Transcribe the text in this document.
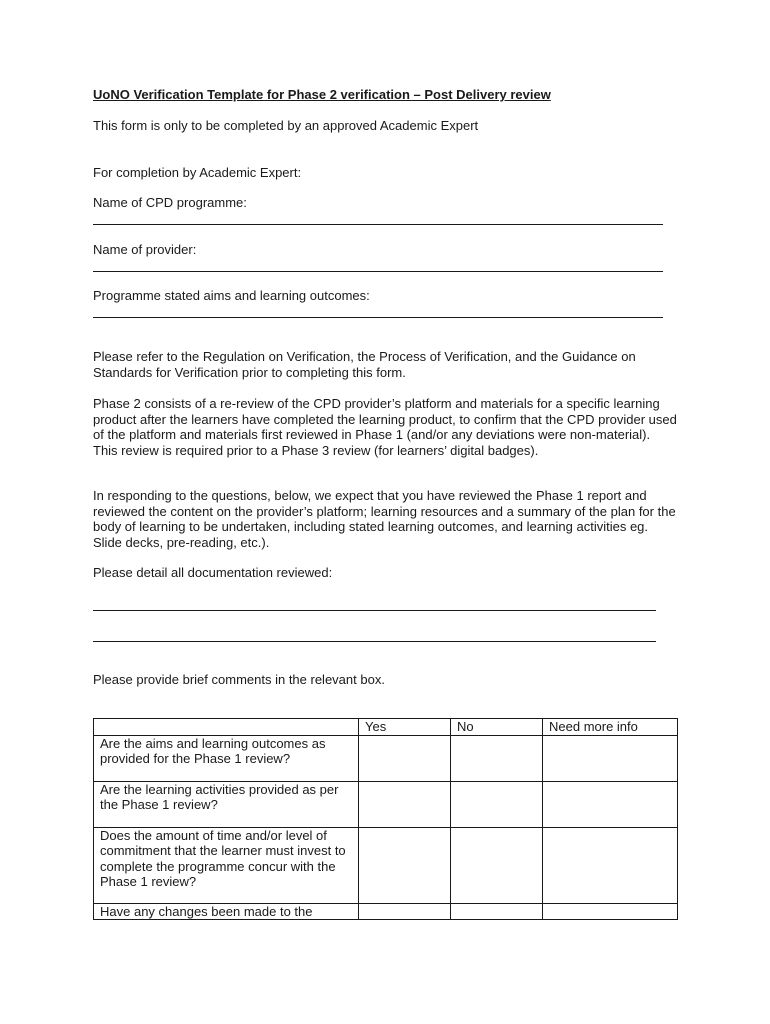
UoNO Verification Template for Phase 2 verification – Post Delivery review
This form is only to be completed by an approved Academic Expert
For completion by Academic Expert:
Name of CPD programme:
Name of provider:
Programme stated aims and learning outcomes:
Please refer to the Regulation on Verification, the Process of Verification, and the Guidance on Standards for Verification prior to completing this form.
Phase 2 consists of a re-review of the CPD provider’s platform and materials for a specific learning product after the learners have completed the learning product, to confirm that the CPD provider used of the platform and materials first reviewed in Phase 1 (and/or any deviations were non-material). This review is required prior to a Phase 3 review (for learners’ digital badges).
In responding to the questions, below, we expect that you have reviewed the Phase 1 report and reviewed the content on the provider’s platform; learning resources and a summary of the plan for the body of learning to be undertaken, including stated learning outcomes, and learning activities eg. Slide decks, pre-reading, etc.).
Please detail all documentation reviewed:
Please provide brief comments in the relevant box.
	Yes	No	Need more info
Are the aims and learning outcomes as provided for the Phase 1 review?			
Are the learning activities provided as per the Phase 1 review?			
Does the amount of time and/or level of commitment that the learner must invest to complete the programme concur with the Phase 1 review?			
Have any changes been made to the			
